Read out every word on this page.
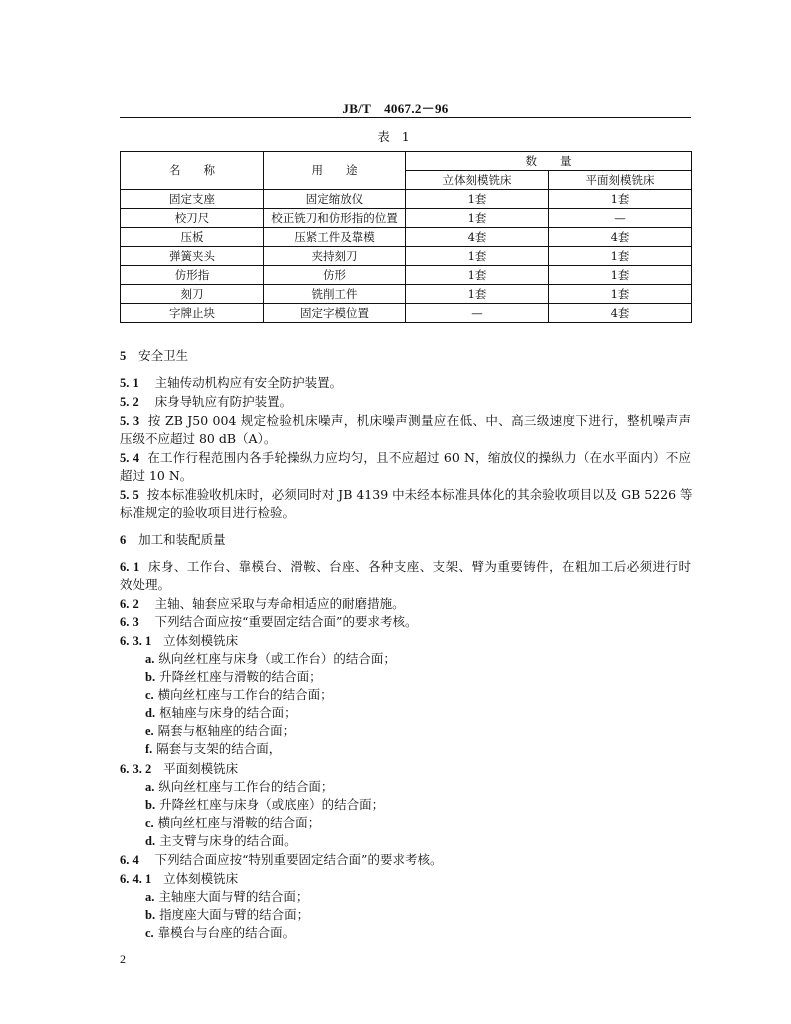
JB/T　4067.2－96
表 1
名　　称	用　　途	数　　量	
		立体刻模铣床	平面刻模铣床
固定支座	固定缩放仪	1套	1套
校刀尺	校正铣刀和仿形指的位置	1套	—
压板	压紧工件及靠模	4套	4套
弹簧夹头	夹持刻刀	1套	1套
仿形指	仿形	1套	1套
刻刀	铣削工件	1套	1套
字牌止块	固定字模位置	—	4套
5 安全卫生
5. 1 主轴传动机构应有安全防护装置。
5. 2 床身导轨应有防护装置。
5. 3 按 ZB J50 004 规定检验机床噪声，机床噪声测量应在低、中、高三级速度下进行，整机噪声声
压级不应超过 80 dB（A）。
5. 4 在工作行程范围内各手轮操纵力应均匀，且不应超过 60 N，缩放仪的操纵力（在水平面内）不应
超过 10 N。
5. 5 按本标准验收机床时，必须同时对 JB 4139 中未经本标准具体化的其余验收项目以及 GB 5226 等
标准规定的验收项目进行检验。
6 加工和装配质量
6. 1 床身、工作台、靠模台、滑鞍、台座、各种支座、支架、臂为重要铸件，在粗加工后必须进行时
效处理。
6. 2 主轴、轴套应采取与寿命相适应的耐磨措施。
6. 3 下列结合面应按“重要固定结合面”的要求考核。
6. 3. 1 立体刻模铣床
a. 纵向丝杠座与床身（或工作台）的结合面；
b. 升降丝杠座与滑鞍的结合面；
c. 横向丝杠座与工作台的结合面；
d. 枢轴座与床身的结合面；
e. 隔套与枢轴座的结合面；
f. 隔套与支架的结合面，
6. 3. 2 平面刻模铣床
a. 纵向丝杠座与工作台的结合面；
b. 升降丝杠座与床身（或底座）的结合面；
c. 横向丝杠座与滑鞍的结合面；
d. 主支臂与床身的结合面。
6. 4 下列结合面应按“特别重要固定结合面”的要求考核。
6. 4. 1 立体刻模铣床
a. 主轴座大面与臂的结合面；
b. 指度座大面与臂的结合面；
c. 靠模台与台座的结合面。
2
